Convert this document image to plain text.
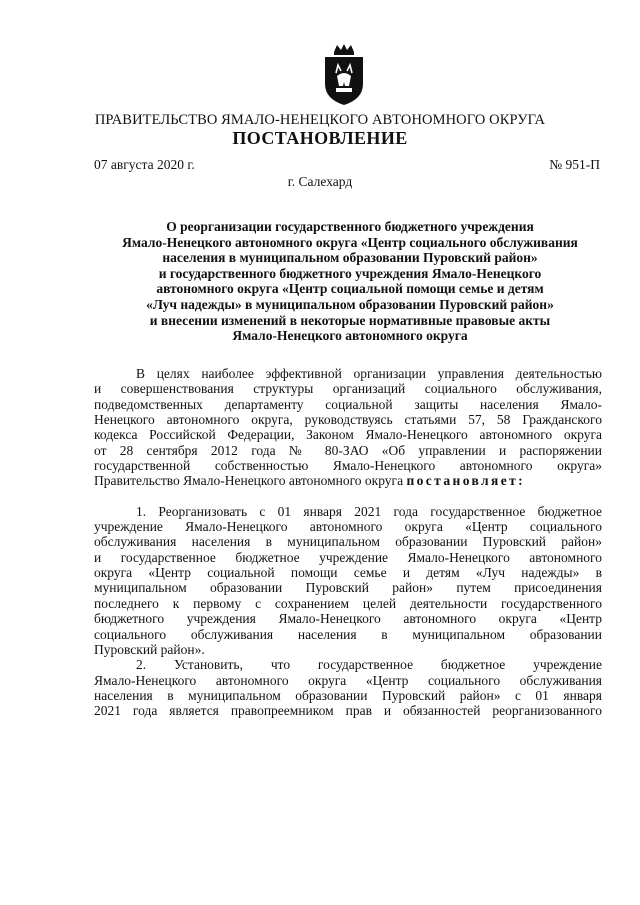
ПРАВИТЕЛЬСТВО ЯМАЛО-НЕНЕЦКОГО АВТОНОМНОГО ОКРУГА
ПОСТАНОВЛЕНИЕ
07 августа 2020 г.	№ 951-П
г. Салехард
О реорганизации государственного бюджетного учреждения
Ямало-Ненецкого автономного округа «Центр социального обслуживания
населения в муниципальном образовании Пуровский район»
и государственного бюджетного учреждения Ямало-Ненецкого
автономного округа «Центр социальной помощи семье и детям
«Луч надежды» в муниципальном образовании Пуровский район»
и внесении изменений в некоторые нормативные правовые акты
Ямало-Ненецкого автономного округа
В целях наиболее эффективной организации управления деятельностью
и совершенствования структуры организаций социального обслуживания,
подведомственных департаменту социальной защиты населения Ямало-
Ненецкого автономного округа, руководствуясь статьями 57, 58 Гражданского
кодекса Российской Федерации, Законом Ямало-Ненецкого автономного округа
от 28 сентября 2012 года № 80-ЗАО «Об управлении и распоряжении
государственной собственностью Ямало-Ненецкого автономного округа»
Правительство Ямало-Ненецкого автономного округа постановляет:
1. Реорганизовать с 01 января 2021 года государственное бюджетное
учреждение Ямало-Ненецкого автономного округа «Центр социального
обслуживания населения в муниципальном образовании Пуровский район»
и государственное бюджетное учреждение Ямало-Ненецкого автономного
округа «Центр социальной помощи семье и детям «Луч надежды» в
муниципальном образовании Пуровский район» путем присоединения
последнего к первому с сохранением целей деятельности государственного
бюджетного учреждения Ямало-Ненецкого автономного округа «Центр
социального обслуживания населения в муниципальном образовании
Пуровский район».
2. Установить, что государственное бюджетное учреждение
Ямало-Ненецкого автономного округа «Центр социального обслуживания
населения в муниципальном образовании Пуровский район» с 01 января
2021 года является правопреемником прав и обязанностей реорганизованного
